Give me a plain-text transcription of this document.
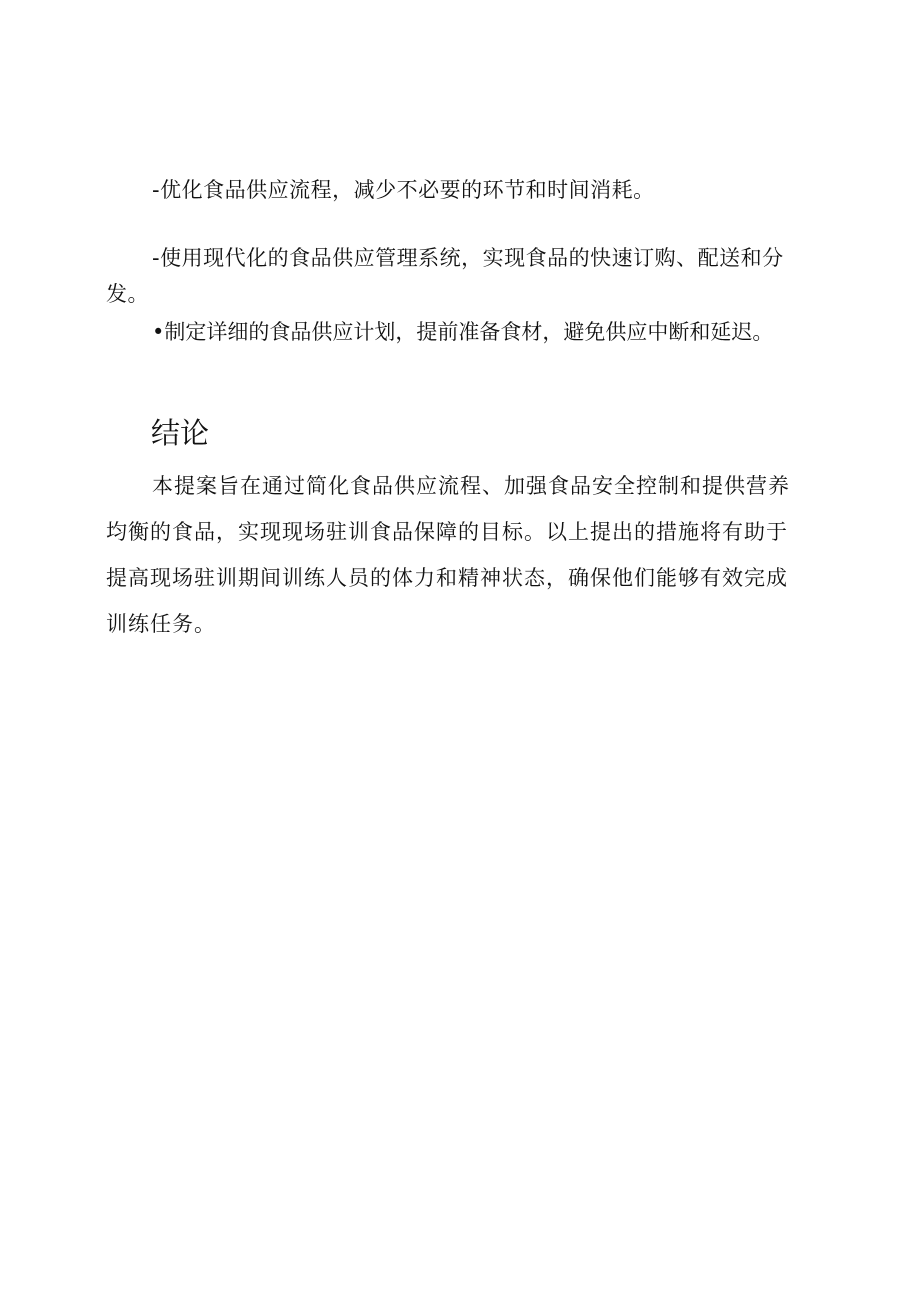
-优化食品供应流程，减少不必要的环节和时间消耗。

-使用现代化的食品供应管理系统，实现食品的快速订购、配送和分发。

•制定详细的食品供应计划，提前准备食材，避免供应中断和延迟。

结论

本提案旨在通过简化食品供应流程、加强食品安全控制和提供营养均衡的食品，实现现场驻训食品保障的目标。以上提出的措施将有助于提高现场驻训期间训练人员的体力和精神状态，确保他们能够有效完成训练任务。
